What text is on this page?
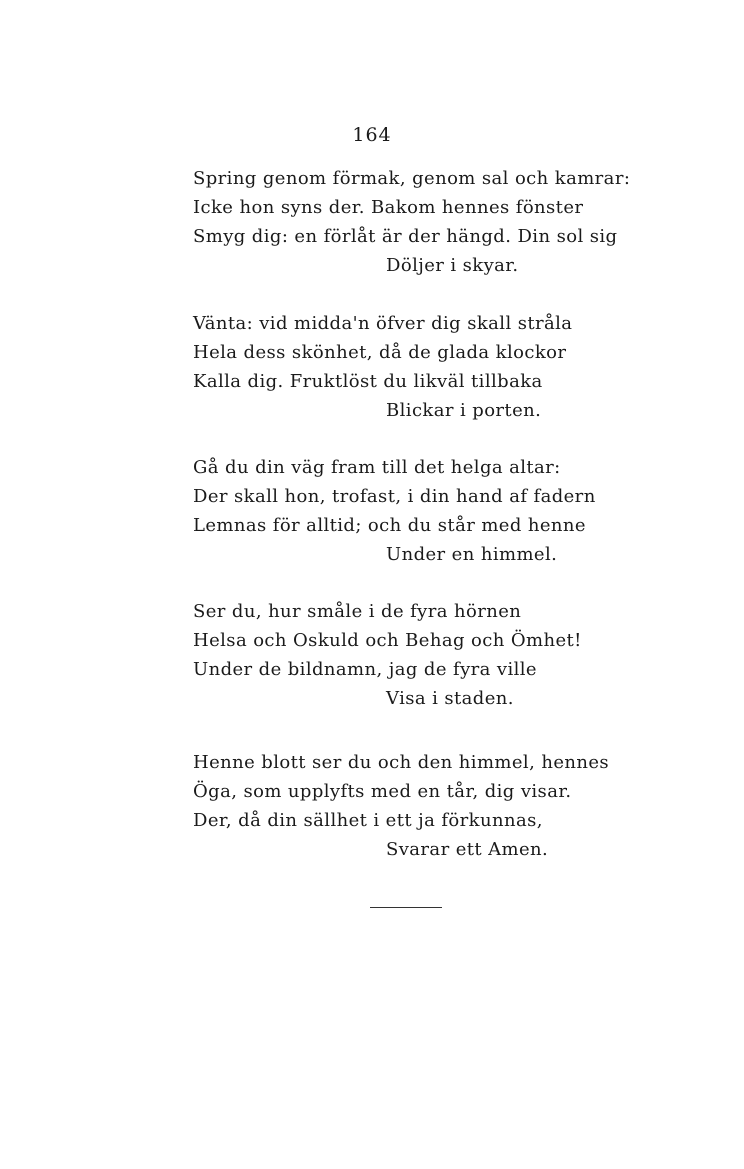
164
Spring genom förmak, genom sal och kamrar:
Icke hon syns der. Bakom hennes fönster
Smyg dig: en förlåt är der hängd. Din sol sig
Döljer i skyar.
Vänta: vid midda'n öfver dig skall stråla
Hela dess skönhet, då de glada klockor
Kalla dig. Fruktlöst du likväl tillbaka
Blickar i porten.
Gå du din väg fram till det helga altar:
Der skall hon, trofast, i din hand af fadern
Lemnas för alltid; och du står med henne
Under en himmel.
Ser du, hur småle i de fyra hörnen
Helsa och Oskuld och Behag och Ömhet!
Under de bildnamn, jag de fyra ville
Visa i staden.
Henne blott ser du och den himmel, hennes
Öga, som upplyfts med en tår, dig visar.
Der, då din sällhet i ett ja förkunnas,
Svarar ett Amen.
